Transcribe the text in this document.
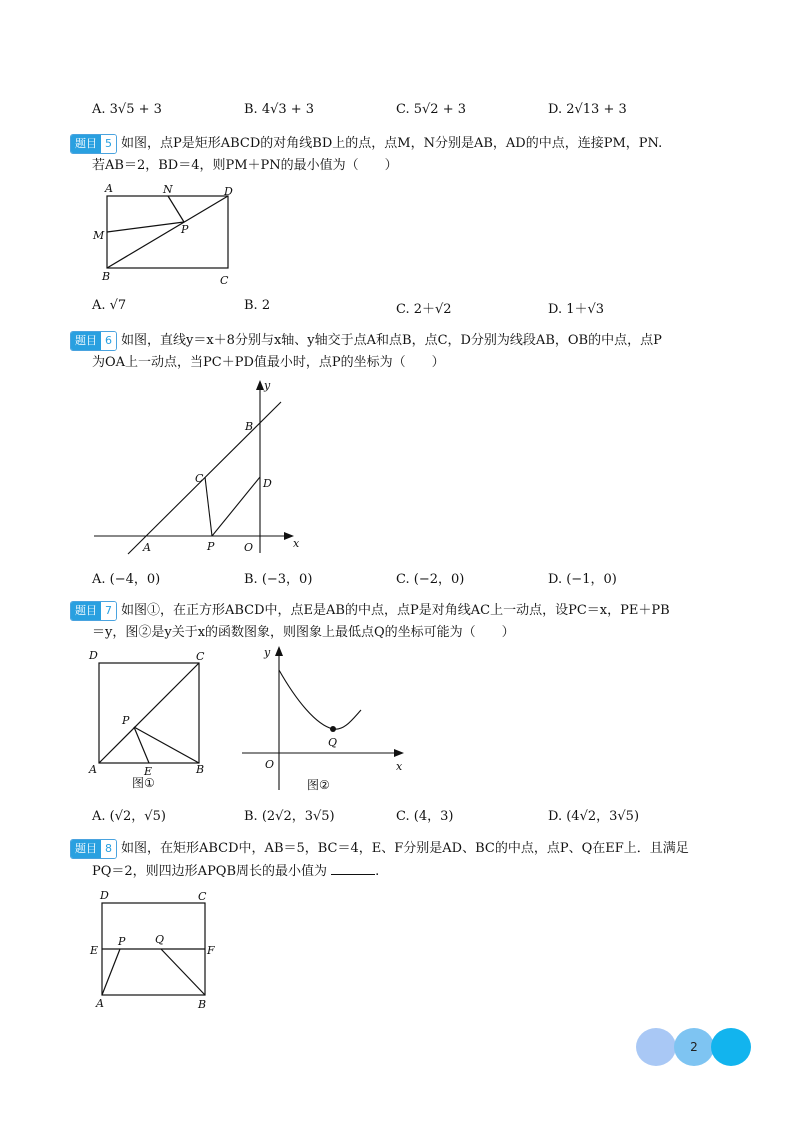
A. 3√5 + 3	B. 4√3 + 3	C. 5√2 + 3	D. 2√13 + 3
题目 5 如图，点P是矩形ABCD的对角线BD上的点，点M，N分别是AB，AD的中点，连接PM，PN.
若AB＝2，BD＝4，则PM＋PN的最小值为（　　）
A	N	D
M	P
B	C
A. √7	B. 2	C. 2＋√2	D. 1＋√3
题目 6 如图，直线y＝x＋8分别与x轴、y轴交于点A和点B，点C，D分别为线段AB，OB的中点，点P
为OA上一动点，当PC＋PD值最小时，点P的坐标为（　　）
y
B
C	D
A	P	O	x
A. (−4，0)	B. (−3，0)	C. (−2，0)	D. (−1，0)
题目 7 如图①，在正方形ABCD中，点E是AB的中点，点P是对角线AC上一动点，设PC＝x，PE＋PB
＝y，图②是y关于x的函数图象，则图象上最低点Q的坐标可能为（　　）
D	C
P
A	E	B
图①
y
Q
O	x
图②
A. (√2，√5)	B. (2√2，3√5)	C. (4，3)	D. (4√2，3√5)
题目 8 如图，在矩形ABCD中，AB＝5，BC＝4，E、F分别是AD、BC的中点，点P、Q在EF上．且满足
PQ＝2，则四边形APQB周长的最小值为	.
D	C
E
P	Q
F
A	B
2
